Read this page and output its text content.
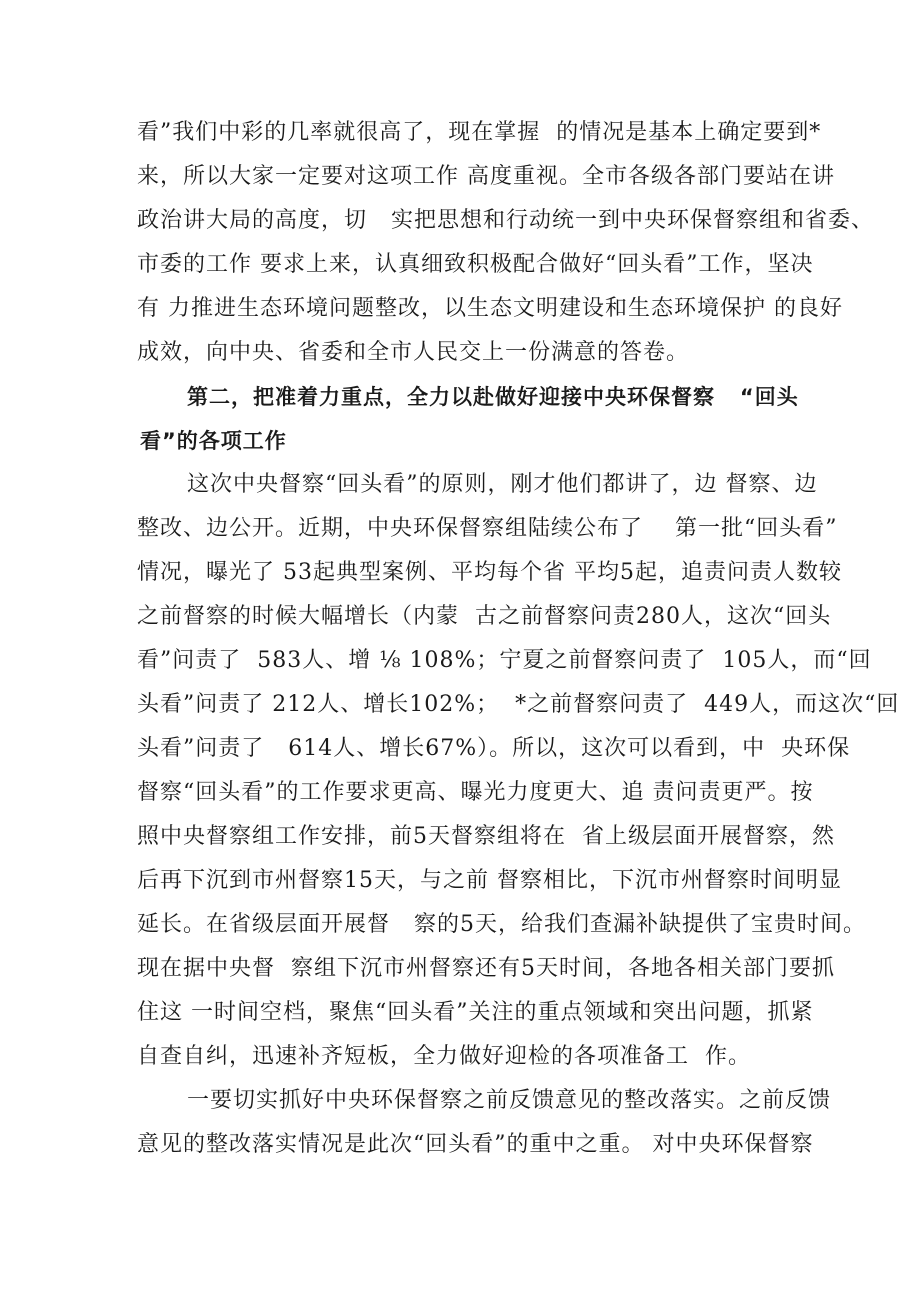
看”我们中彩的几率就很高了，现在掌握  的情况是基本上确定要到*
来，所以大家一定要对这项工作 高度重视。全市各级各部门要站在讲
政治讲大局的高度，切   实把思想和行动统一到中央环保督察组和省委、
市委的工作 要求上来，认真细致积极配合做好“回头看”工作，坚决
有 力推进生态环境问题整改，以生态文明建设和生态环境保护 的良好
成效，向中央、省委和全市人民交上一份满意的答卷。
第二，把准着力重点，全力以赴做好迎接中央环保督察   “回头
看”的各项工作
这次中央督察“回头看”的原则，刚才他们都讲了，边 督察、边
整改、边公开。近期，中央环保督察组陆续公布了    第一批“回头看”
情况，曝光了 53起典型案例、平均每个省 平均5起，追责问责人数较
之前督察的时候大幅增长（内蒙  古之前督察问责280人，这次“回头
看”问责了  583人、增 ⅛ 108%；宁夏之前督察问责了  105人，而“回
头看”问责了 212人、增长102%；  *之前督察问责了  449人，而这次“回
头看”问责了   614人、增长67%）。所以，这次可以看到，中  央环保
督察“回头看”的工作要求更高、曝光力度更大、追 责问责更严。按
照中央督察组工作安排，前5天督察组将在  省上级层面开展督察，然
后再下沉到市州督察15天，与之前 督察相比，下沉市州督察时间明显
延长。在省级层面开展督   察的5天，给我们查漏补缺提供了宝贵时间。
现在据中央督  察组下沉市州督察还有5天时间，各地各相关部门要抓
住这 一时间空档，聚焦“回头看”关注的重点领域和突出问题，抓紧
自查自纠，迅速补齐短板，全力做好迎检的各项准备工  作。
一要切实抓好中央环保督察之前反馈意见的整改落实。之前反馈
意见的整改落实情况是此次“回头看”的重中之重。 对中央环保督察
